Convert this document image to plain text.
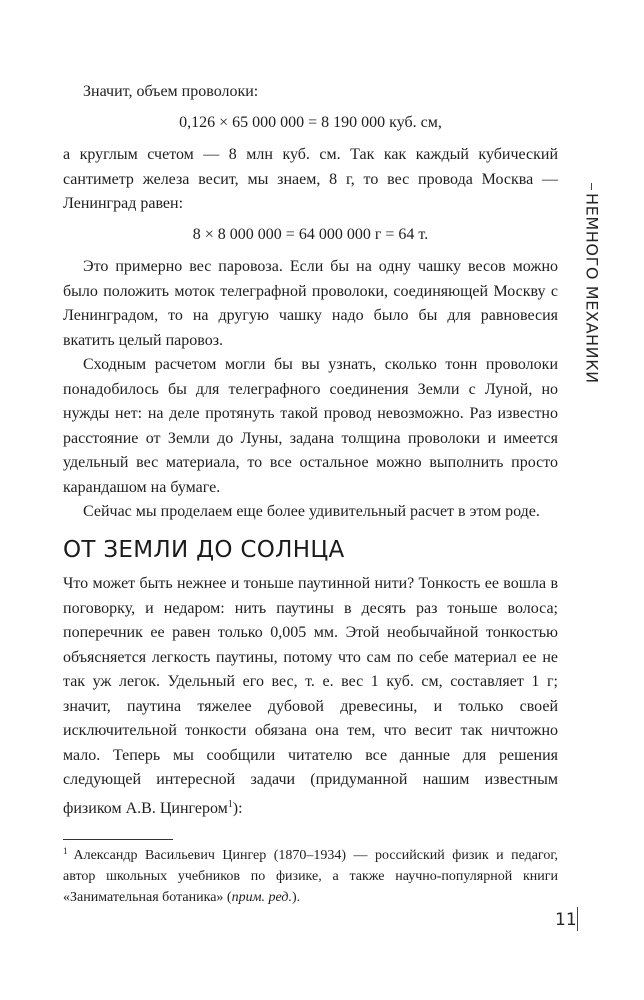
Значит, объем проволоки:

0,126 × 65 000 000 = 8 190 000 куб. см,

а круглым счетом — 8 млн куб. см. Так как каждый кубический сантиметр железа весит, мы знаем, 8 г, то вес провода Москва — Ленинград равен:

8 × 8 000 000 = 64 000 000 г = 64 т.

Это примерно вес паровоза. Если бы на одну чашку весов можно было положить моток телеграфной проволоки, соединяющей Москву с Ленинградом, то на другую чашку надо было бы для равновесия вкатить целый паровоз.

Сходным расчетом могли бы вы узнать, сколько тонн проволоки понадобилось бы для телеграфного соединения Земли с Луной, но нужды нет: на деле протянуть такой провод невозможно. Раз известно расстояние от Земли до Луны, задана толщина проволоки и имеется удельный вес материала, то все остальное можно выполнить просто карандашом на бумаге.

Сейчас мы проделаем еще более удивительный расчет в этом роде.

ОТ ЗЕМЛИ ДО СОЛНЦА

Что может быть нежнее и тоньше паутинной нити? Тонкость ее вошла в поговорку, и недаром: нить паутины в десять раз тоньше волоса; поперечник ее равен только 0,005 мм. Этой необычайной тонкостью объясняется легкость паутины, потому что сам по себе материал ее не так уж легок. Удельный его вес, т. е. вес 1 куб. см, составляет 1 г; значит, паутина тяжелее дубовой древесины, и только своей исключительной тонкости обязана она тем, что весит так ничтожно мало. Теперь мы сообщили читателю все данные для решения следующей интересной задачи (придуманной нашим известным физиком А.В. Цингером$^1$):

$^1$ Александр Васильевич Цингер (1870–1934) — российский физик и педагог, автор школьных учебников по физике, а также научно-популярной книги «Занимательная ботаника» (прим. ред.).
НЕМНОГО МЕХАНИКИ
11
